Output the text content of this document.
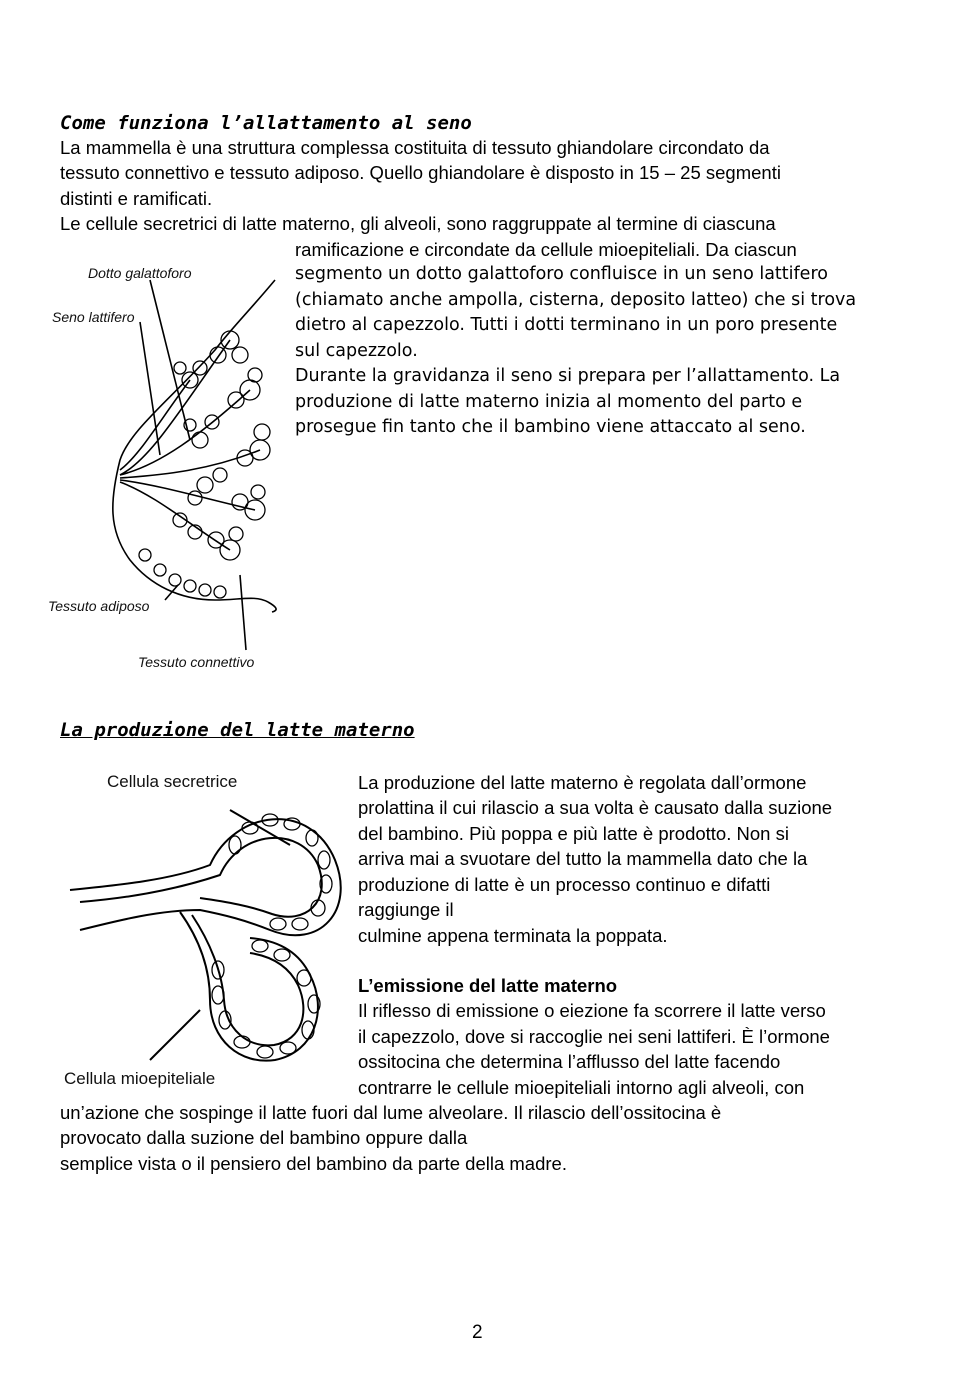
Come funziona l’allattamento al seno
La mammella è una struttura complessa costituita di tessuto ghiandolare circondato da
tessuto connettivo e tessuto adiposo. Quello ghiandolare è disposto in 15 – 25 segmenti
distinti e ramificati.
Le cellule secretrici di latte materno, gli alveoli, sono raggruppate al termine di ciascuna
ramificazione e circondate da cellule mioepiteliali. Da ciascun
segmento un dotto galattoforo confluisce in un seno lattifero
(chiamato anche ampolla, cisterna, deposito latteo) che si trova
dietro al capezzolo. Tutti i dotti terminano in un poro presente
sul capezzolo.
Durante la gravidanza il seno si prepara per l’allattamento. La
produzione di latte materno inizia al momento del parto e
prosegue fin tanto che il bambino viene attaccato al seno.
Dotto galattoforo
Seno lattifero
Tessuto adiposo
Tessuto connettivo
La produzione del latte materno
Cellula secretrice
Cellula mioepiteliale
La produzione del latte materno è regolata dall’ormone
prolattina il cui rilascio a sua volta è causato dalla suzione
del bambino. Più poppa e più latte è prodotto. Non si
arriva mai a svuotare del tutto la mammella dato che la
produzione di latte è un processo continuo e difatti
raggiunge il
culmine appena terminata la poppata.
L’emissione del latte materno
Il riflesso di emissione o eiezione fa scorrere il latte verso
il capezzolo, dove si raccoglie nei seni lattiferi. È l’ormone
ossitocina che determina l’afflusso del latte facendo
contrarre le cellule mioepiteliali intorno agli alveoli, con
un’azione che sospinge il latte fuori dal lume alveolare. Il rilascio dell’ossitocina è
provocato dalla suzione del bambino oppure dalla
semplice vista o il pensiero del bambino da parte della madre.
2
